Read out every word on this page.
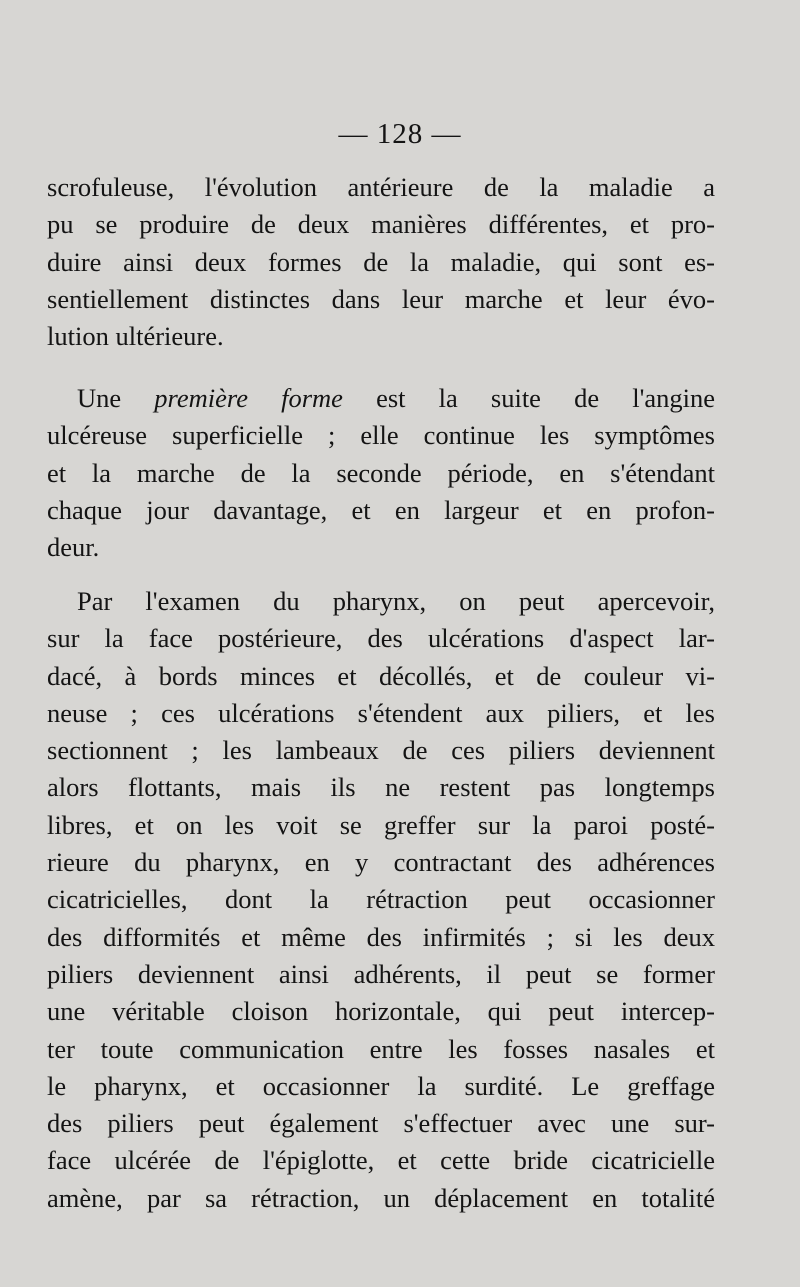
— 128 —
scrofuleuse, l'évolution antérieure de la maladie a
pu se produire de deux manières différentes, et pro-
duire ainsi deux formes de la maladie, qui sont es-
sentiellement distinctes dans leur marche et leur évo-
lution ultérieure.
Une première forme est la suite de l'angine
ulcéreuse superficielle ; elle continue les symptômes
et la marche de la seconde période, en s'étendant
chaque jour davantage, et en largeur et en profon-
deur.
Par l'examen du pharynx, on peut apercevoir,
sur la face postérieure, des ulcérations d'aspect lar-
dacé, à bords minces et décollés, et de couleur vi-
neuse ; ces ulcérations s'étendent aux piliers, et les
sectionnent ; les lambeaux de ces piliers deviennent
alors flottants, mais ils ne restent pas longtemps
libres, et on les voit se greffer sur la paroi posté-
rieure du pharynx, en y contractant des adhérences
cicatricielles, dont la rétraction peut occasionner
des difformités et même des infirmités ; si les deux
piliers deviennent ainsi adhérents, il peut se former
une véritable cloison horizontale, qui peut intercep-
ter toute communication entre les fosses nasales et
le pharynx, et occasionner la surdité. Le greffage
des piliers peut également s'effectuer avec une sur-
face ulcérée de l'épiglotte, et cette bride cicatricielle
amène, par sa rétraction, un déplacement en totalité
